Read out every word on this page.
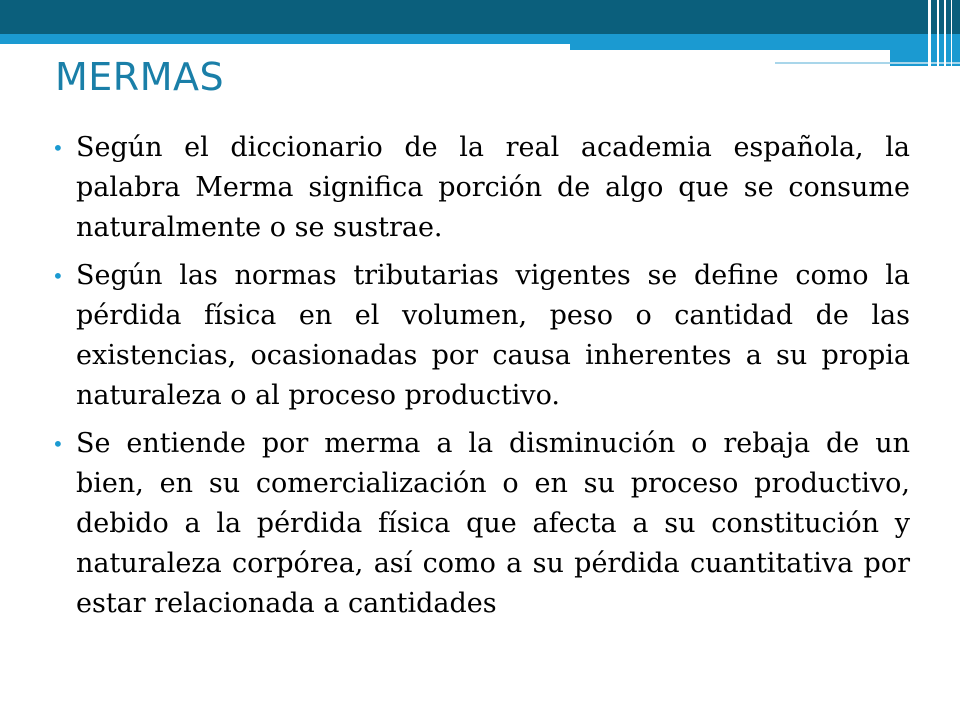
MERMAS

• Según el diccionario de la real academia española, la palabra Merma significa porción de algo que se consume naturalmente o se sustrae.

• Según las normas tributarias vigentes se define como la pérdida física en el volumen, peso o cantidad de las existencias, ocasionadas por causa inherentes a su propia naturaleza o al proceso productivo.

• Se entiende por merma a la disminución o rebaja de un bien, en su comercialización o en su proceso productivo, debido a la pérdida física que afecta a su constitución y naturaleza corpórea, así como a su pérdida cuantitativa por estar relacionada a cantidades
